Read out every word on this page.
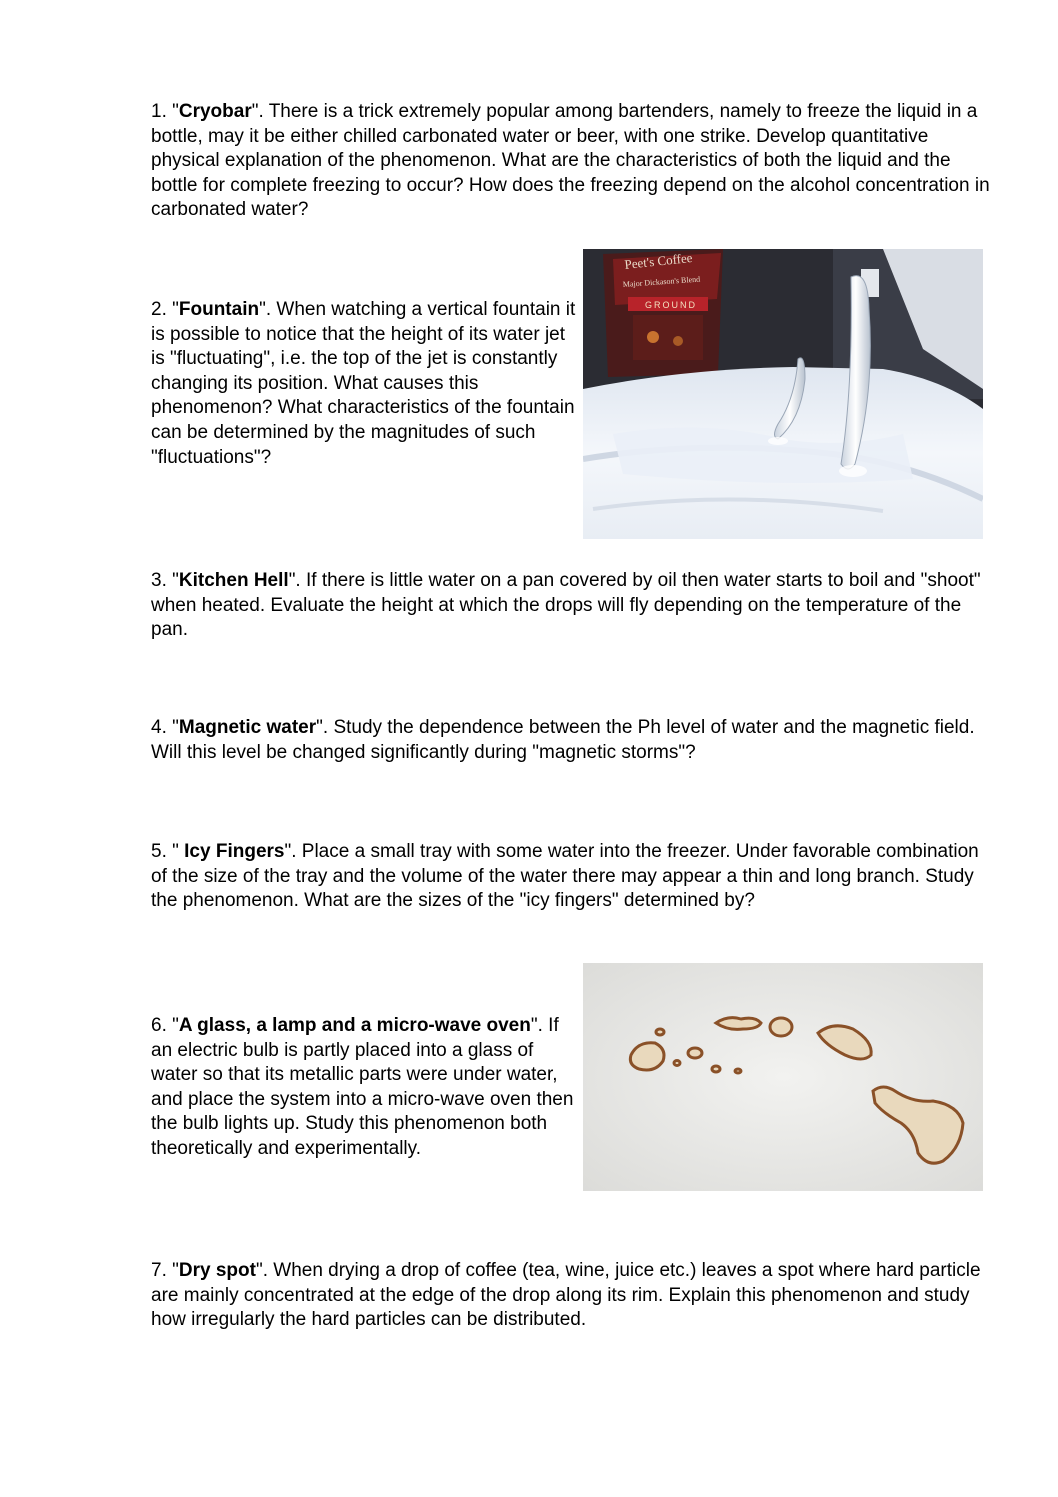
1. "Cryobar". There is a trick extremely popular among bartenders, namely to freeze the liquid in a bottle, may it be either chilled carbonated water or beer, with one strike. Develop quantitative physical explanation of the phenomenon. What are the characteristics of both the liquid and the bottle for complete freezing to occur? How does the freezing depend on the alcohol concentration in carbonated water?
2. "Fountain". When watching a vertical fountain it is possible to notice that the height of its water jet is "fluctuating", i.e. the top of the jet is constantly changing its position. What causes this phenomenon? What characteristics of the fountain can be determined by the magnitudes of such "fluctuations"?
Peet's Coffee
Major Dickason's Blend
GROUND
3. "Kitchen Hell". If there is little water on a pan covered by oil then water starts to boil and "shoot" when heated. Evaluate the height at which the drops will fly depending on the temperature of the pan.
4. "Magnetic water". Study the dependence between the Ph level of water and the magnetic field. Will this level be changed significantly during "magnetic storms"?
5. " Icy Fingers". Place a small tray with some water into the freezer. Under favorable combination of the size of the tray and the volume of the water there may appear a thin and long branch. Study the phenomenon. What are the sizes of the "icy fingers" determined by?
6. "A glass, a lamp and a micro-wave oven". If an electric bulb is partly placed into a glass of water so that its metallic parts were under water, and place the system into a micro-wave oven then the bulb lights up. Study this phenomenon both theoretically and experimentally.
7. "Dry spot". When drying a drop of coffee (tea, wine, juice etc.) leaves a spot where hard particle are mainly concentrated at the edge of the drop along its rim. Explain this phenomenon and study how irregularly the hard particles can be distributed.
